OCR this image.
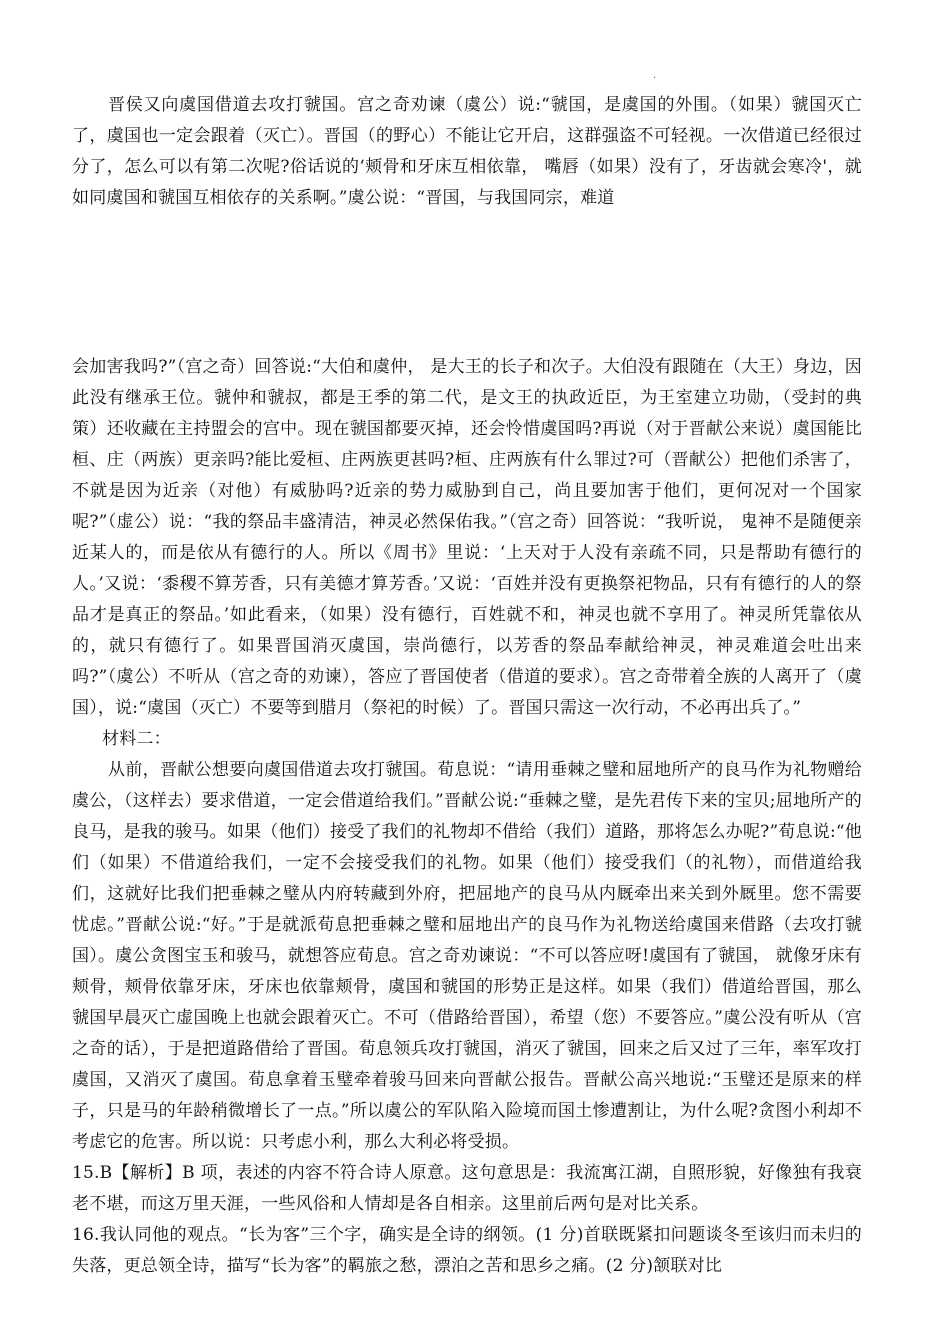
.

晋侯又向虞国借道去攻打虢国。宫之奇劝谏（虞公）说:“虢国，是虞国的外围。（如果）虢国灭亡了，虞国也一定会跟着（灭亡）。晋国（的野心）不能让它开启，这群强盗不可轻视。一次借道已经很过分了，怎么可以有第二次呢?俗话说的‘颊骨和牙床互相依靠， 嘴唇（如果）没有了，牙齿就会寒冷'，就如同虞国和虢国互相依存的关系啊。”虞公说：“晋国，与我国同宗，难道

会加害我吗?”（宫之奇）回答说:“大伯和虞仲， 是大王的长子和次子。大伯没有跟随在（大王）身边，因此没有继承王位。虢仲和虢叔，都是王季的第二代，是文王的执政近臣，为王室建立功勋，（受封的典策）还收藏在主持盟会的宫中。现在虢国都要灭掉，还会怜惜虞国吗?再说（对于晋献公来说）虞国能比桓、庄（两族）更亲吗?能比爱桓、庄两族更甚吗?桓、庄两族有什么罪过?可（晋献公）把他们杀害了，不就是因为近亲（对他）有威胁吗?近亲的势力威胁到自己，尚且要加害于他们，更何况对一个国家呢?”（虚公）说：“我的祭品丰盛清洁，神灵必然保佑我。”（宫之奇）回答说：“我听说， 鬼神不是随便亲近某人的，而是依从有德行的人。所以《周书》里说：‘上天对于人没有亲疏不同，只是帮助有德行的人。’又说：‘黍稷不算芳香，只有美德才算芳香。’又说：‘百姓并没有更换祭祀物品，只有有德行的人的祭品才是真正的祭品。’如此看来，（如果）没有德行，百姓就不和，神灵也就不享用了。神灵所凭靠依从的，就只有德行了。如果晋国消灭虞国，崇尚德行，以芳香的祭品奉献给神灵，神灵难道会吐出来吗?”（虞公）不听从（宫之奇的劝谏），答应了晋国使者（借道的要求）。宫之奇带着全族的人离开了（虞国），说:“虞国（灭亡）不要等到腊月（祭祀的时候）了。晋国只需这一次行动，不必再出兵了。”

材料二：

从前，晋献公想要向虞国借道去攻打虢国。荀息说：“请用垂棘之璧和屈地所产的良马作为礼物赠给虞公，（这样去）要求借道，一定会借道给我们。”晋献公说:“垂棘之璧，是先君传下来的宝贝;屈地所产的良马，是我的骏马。如果（他们）接受了我们的礼物却不借给（我们）道路，那将怎么办呢?”荀息说:“他们（如果）不借道给我们，一定不会接受我们的礼物。如果（他们）接受我们（的礼物），而借道给我们，这就好比我们把垂棘之璧从内府转藏到外府，把屈地产的良马从内厩牵出来关到外厩里。您不需要忧虑。”晋献公说:“好。”于是就派荀息把垂棘之璧和屈地出产的良马作为礼物送给虞国来借路（去攻打虢国）。虞公贪图宝玉和骏马，就想答应荀息。宫之奇劝谏说：“不可以答应呀!虞国有了虢国， 就像牙床有颊骨，颊骨依靠牙床，牙床也依靠颊骨，虞国和虢国的形势正是这样。如果（我们）借道给晋国，那么虢国早晨灭亡虚国晚上也就会跟着灭亡。不可（借路给晋国），希望（您）不要答应。”虞公没有听从（宫之奇的话），于是把道路借给了晋国。荀息领兵攻打虢国，消灭了虢国，回来之后又过了三年，率军攻打虞国，又消灭了虞国。荀息拿着玉璧牵着骏马回来向晋献公报告。晋献公高兴地说:“玉璧还是原来的样子，只是马的年龄稍微增长了一点。”所以虞公的军队陷入险境而国土惨遭割让，为什么呢?贪图小利却不考虑它的危害。所以说：只考虑小利，那么大利必将受损。

15.B【解析】B 项，表述的内容不符合诗人原意。这句意思是：我流寓江湖，自照形貌，好像独有我衰老不堪，而这万里天涯，一些风俗和人情却是各自相亲。这里前后两句是对比关系。

16.我认同他的观点。“长为客”三个字，确实是全诗的纲领。(1 分)首联既紧扣问题谈冬至该归而未归的失落，更总领全诗，描写“长为客”的羁旅之愁，漂泊之苦和思乡之痛。(2 分)颔联对比
